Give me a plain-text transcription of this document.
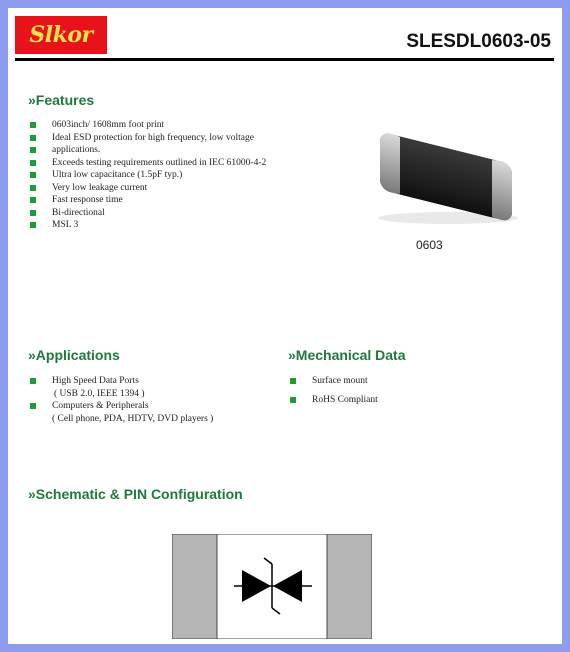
Slkor	SLESDL0603-05
»Features
0603inch/ 1608mm foot print
Ideal ESD protection for high frequency, low voltage
applications.
Exceeds testing requirements outlined in IEC 61000-4-2
Ultra low capacitance (1.5pF typ.)
Very low leakage current
Fast response time
Bi-directional
MSL 3
0603
»Applications
High Speed Data Ports
( USB 2.0, IEEE 1394 )
Computers & Peripherals
( Cell phone, PDA, HDTV, DVD players )
»Mechanical Data
Surface mount
RoHS Compliant
»Schematic & PIN Configuration
